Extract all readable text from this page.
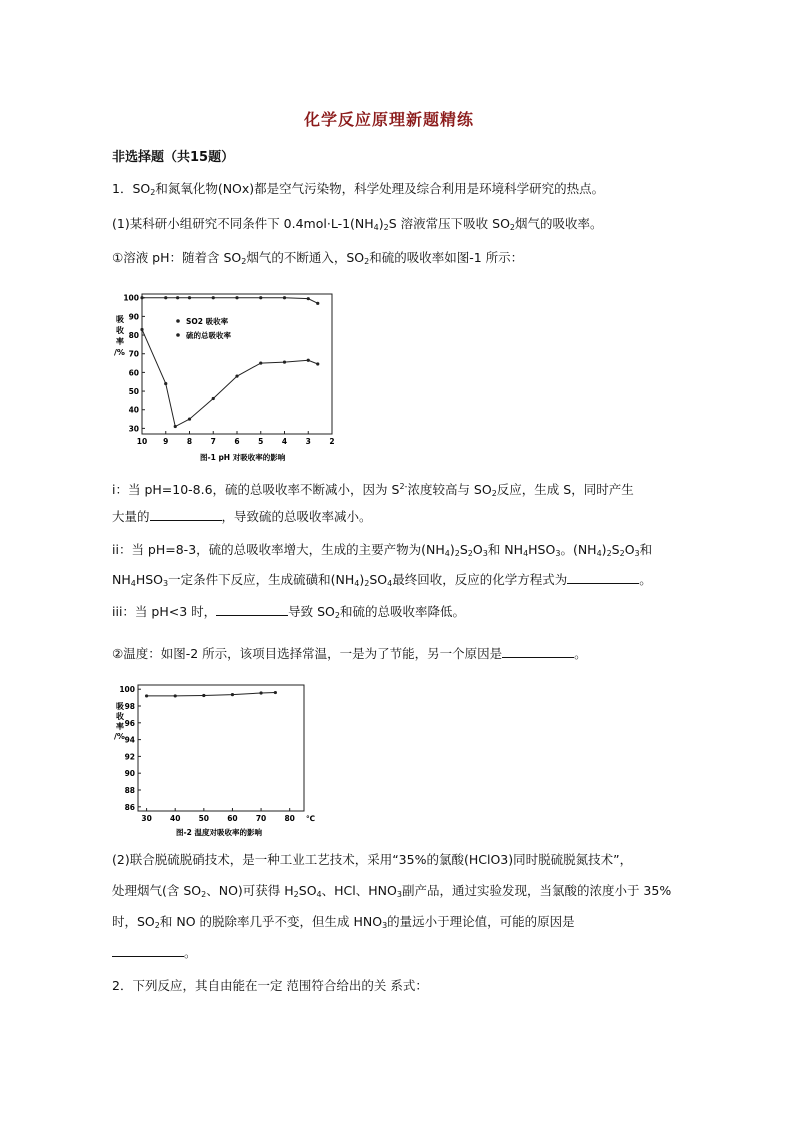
化学反应原理新题精练
非选择题（共15题）
1．$SO_2$和氮氧化物(NOx)都是空气污染物，科学处理及综合利用是环境科学研究的热点。
(1)某科研小组研究不同条件下 $0.4mol\cdot L-1(NH_4)_2S$ 溶液常压下吸收 $SO_2$烟气的吸收率。
①溶液 pH：随着含 $SO_2$烟气的不断通入，$SO_2$和硫的吸收率如图-1 所示：
100
90
80
70
60
50
40
30
10 9 8 7 6 5 4 3 2
SO2 吸收率
硫的总吸收率
吸收率/%
图-1 pH 对吸收率的影响
i：当 pH=10-8.6，硫的总吸收率不断减小，因为 $S^{2-}$浓度较高与 $SO_2$反应，生成 S，同时产生
大量的	，导致硫的总吸收率减小。
ii：当 pH=8-3，硫的总吸收率增大，生成的主要产物为$(NH_4)_2S_2O_3$和 $NH_4HSO_3$。$(NH_4)_2S_2O_3$和
$NH_4HSO_3$一定条件下反应，生成硫磺和$(NH_4)_2SO_4$最终回收，反应的化学方程式为	。
iii：当 pH<3 时，	导致 $SO_2$和硫的总吸收率降低。
②温度：如图-2 所示，该项目选择常温，一是为了节能，另一个原因是	。
100
98
96
94
92
90
88
86
30 40 50 60 70 80 ℃
吸收率/%
图-2 温度对吸收率的影响
(2)联合脱硫脱硝技术，是一种工业工艺技术，采用“35%的氯酸(HClO3)同时脱硫脱氮技术”，
处理烟气(含 $SO_2$、NO)可获得 $H_2SO_4$、HCl、$HNO_3$副产品，通过实验发现，当氯酸的浓度小于 35%
时，$SO_2$和 NO 的脱除率几乎不变，但生成 $HNO_3$的量远小于理论值，可能的原因是
。
2．下列反应，其自由能在一定 范围符合给出的关 系式：
